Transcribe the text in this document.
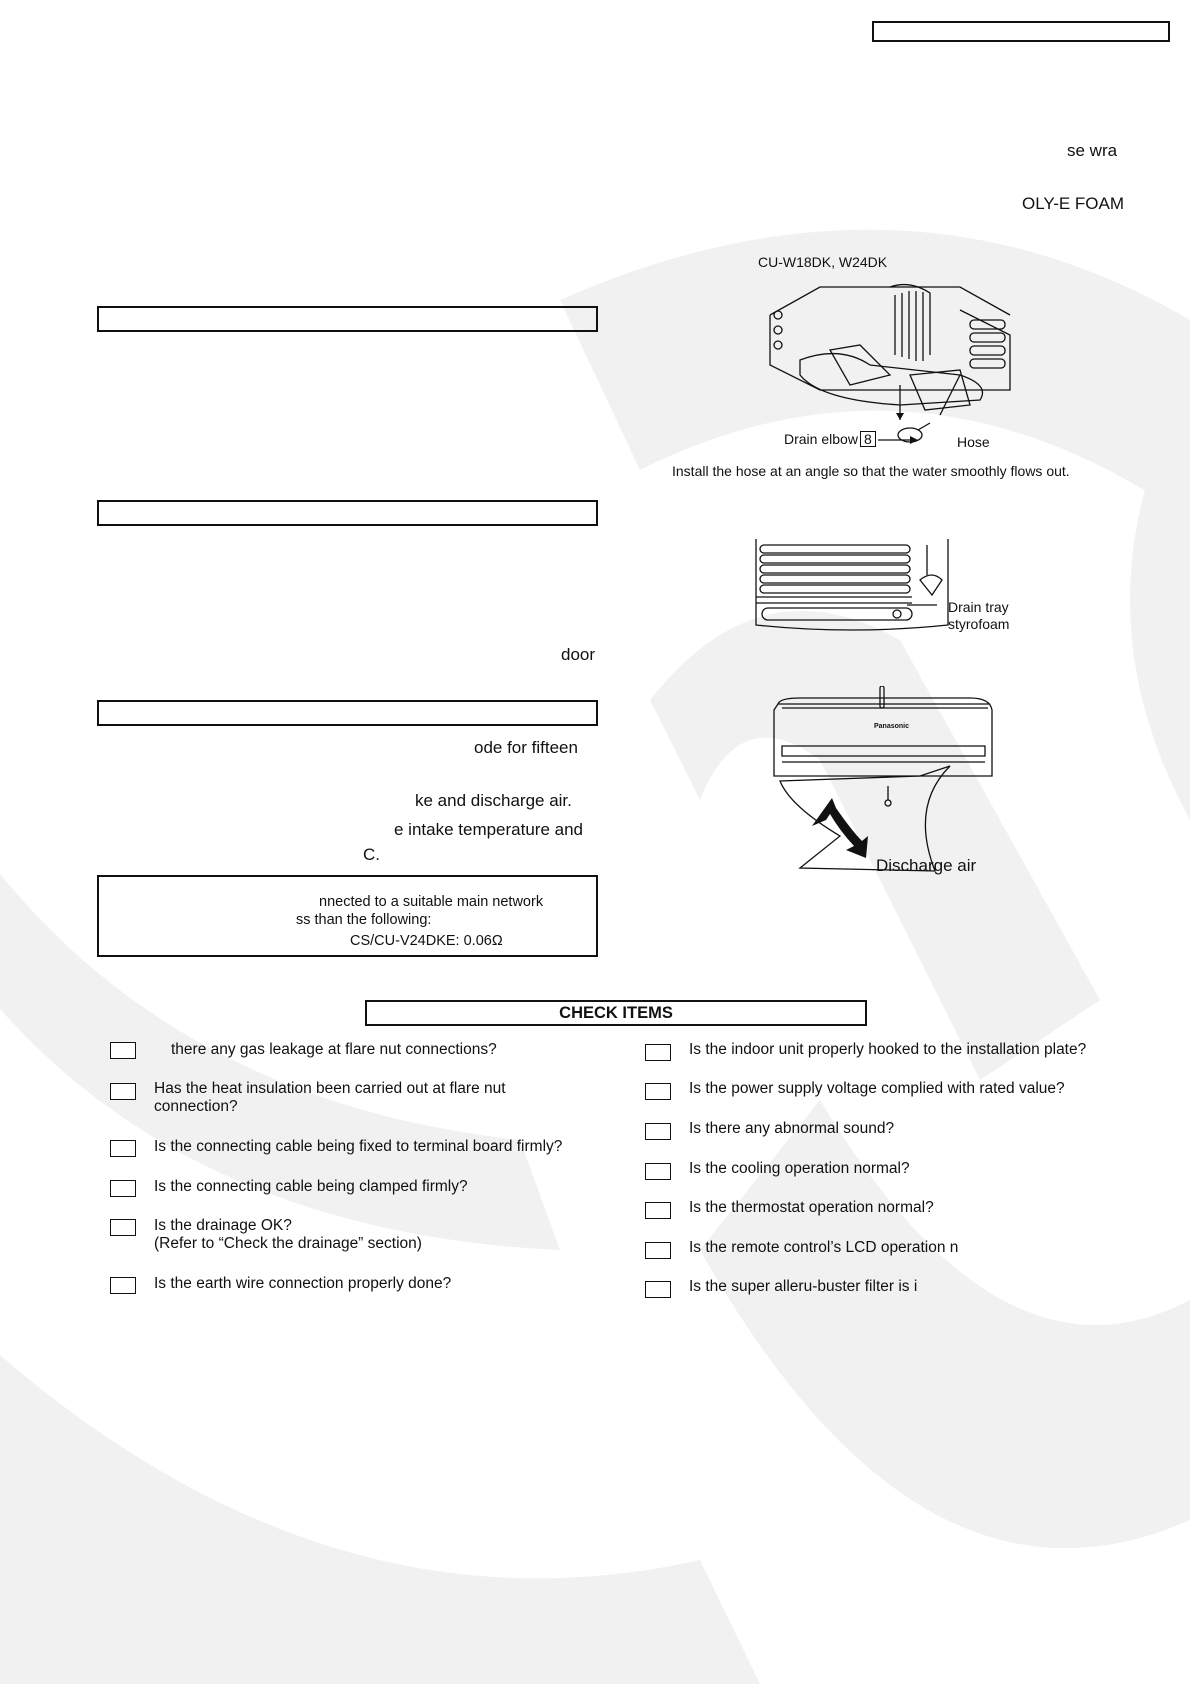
se wra
OLY-E FOAM
door
ode for fifteen
ke and discharge air.
e intake temperature and
C.
nnected to a suitable main network
ss than the following:
CS/CU-V24DKE: 0.06Ω
CU-W18DK, W24DK
Drain elbow 8	Hose
Install the hose at an angle so that the water smoothly flows out.
Drain tray
styrofoam
Panasonic
Discharge air
CHECK ITEMS
there any gas leakage at flare nut connections?
Has the heat insulation been carried out at flare nut connection?
Is the connecting cable being fixed to terminal board firmly?
Is the connecting cable being clamped firmly?
Is the drainage OK?
(Refer to “Check the drainage” section)
Is the earth wire connection properly done?
Is the indoor unit properly hooked to the installation plate?
Is the power supply voltage complied with rated value?
Is there any abnormal sound?
Is the cooling operation normal?
Is the thermostat operation normal?
Is the remote control’s LCD operation n
Is the super alleru-buster filter is i
